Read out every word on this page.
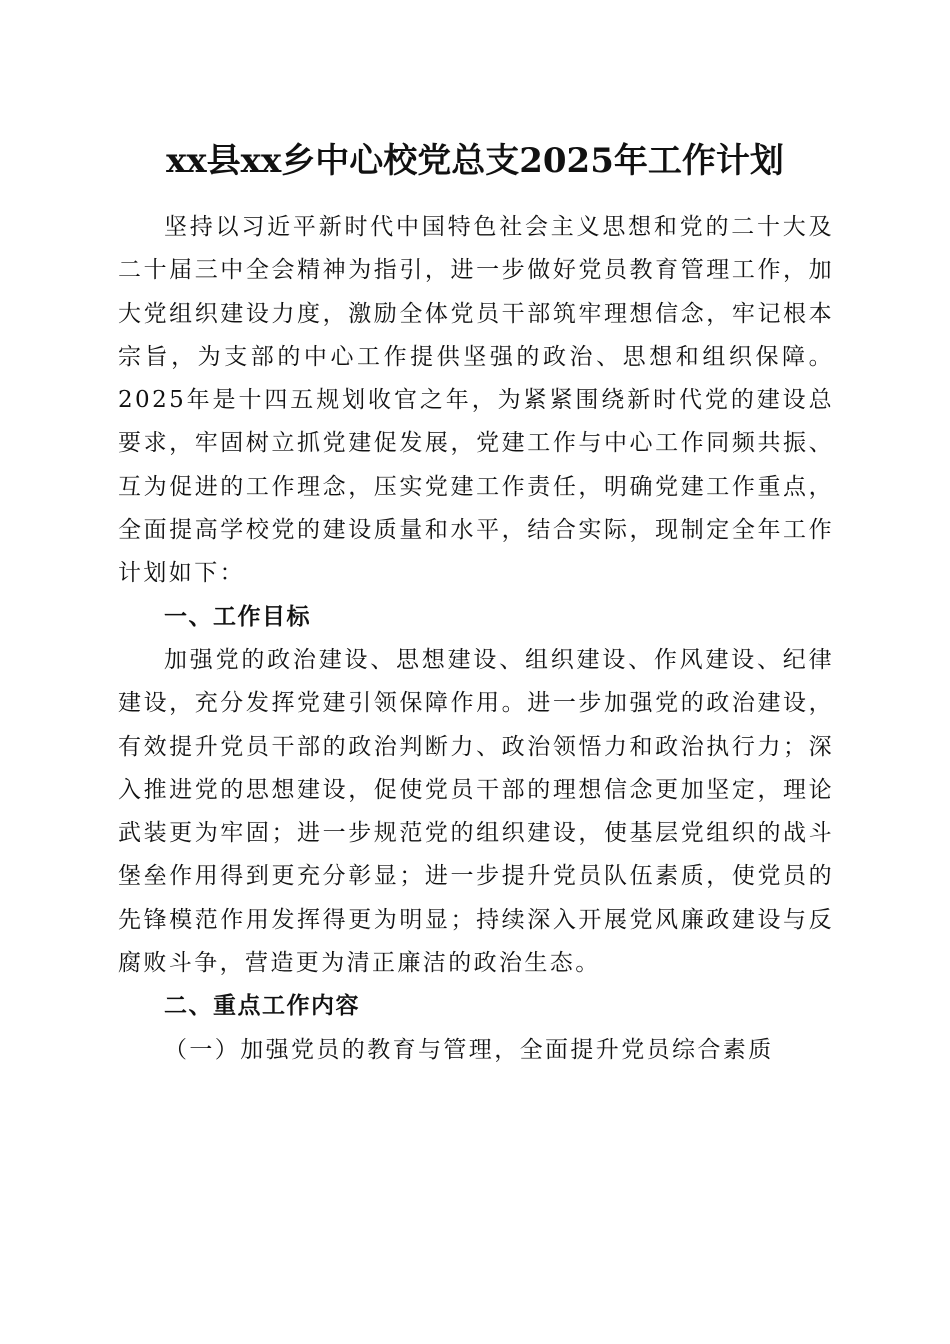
xx县xx乡中心校党总支2025年工作计划

坚持以习近平新时代中国特色社会主义思想和党的二十大及二十届三中全会精神为指引，进一步做好党员教育管理工作，加大党组织建设力度，激励全体党员干部筑牢理想信念，牢记根本宗旨，为支部的中心工作提供坚强的政治、思想和组织保障。2025年是十四五规划收官之年，为紧紧围绕新时代党的建设总要求，牢固树立抓党建促发展，党建工作与中心工作同频共振、互为促进的工作理念，压实党建工作责任，明确党建工作重点，全面提高学校党的建设质量和水平，结合实际，现制定全年工作计划如下：

一、工作目标

加强党的政治建设、思想建设、组织建设、作风建设、纪律建设，充分发挥党建引领保障作用。进一步加强党的政治建设，有效提升党员干部的政治判断力、政治领悟力和政治执行力；深入推进党的思想建设，促使党员干部的理想信念更加坚定，理论武装更为牢固；进一步规范党的组织建设，使基层党组织的战斗堡垒作用得到更充分彰显；进一步提升党员队伍素质，使党员的先锋模范作用发挥得更为明显；持续深入开展党风廉政建设与反腐败斗争，营造更为清正廉洁的政治生态。

二、重点工作内容

（一）加强党员的教育与管理，全面提升党员综合素质
